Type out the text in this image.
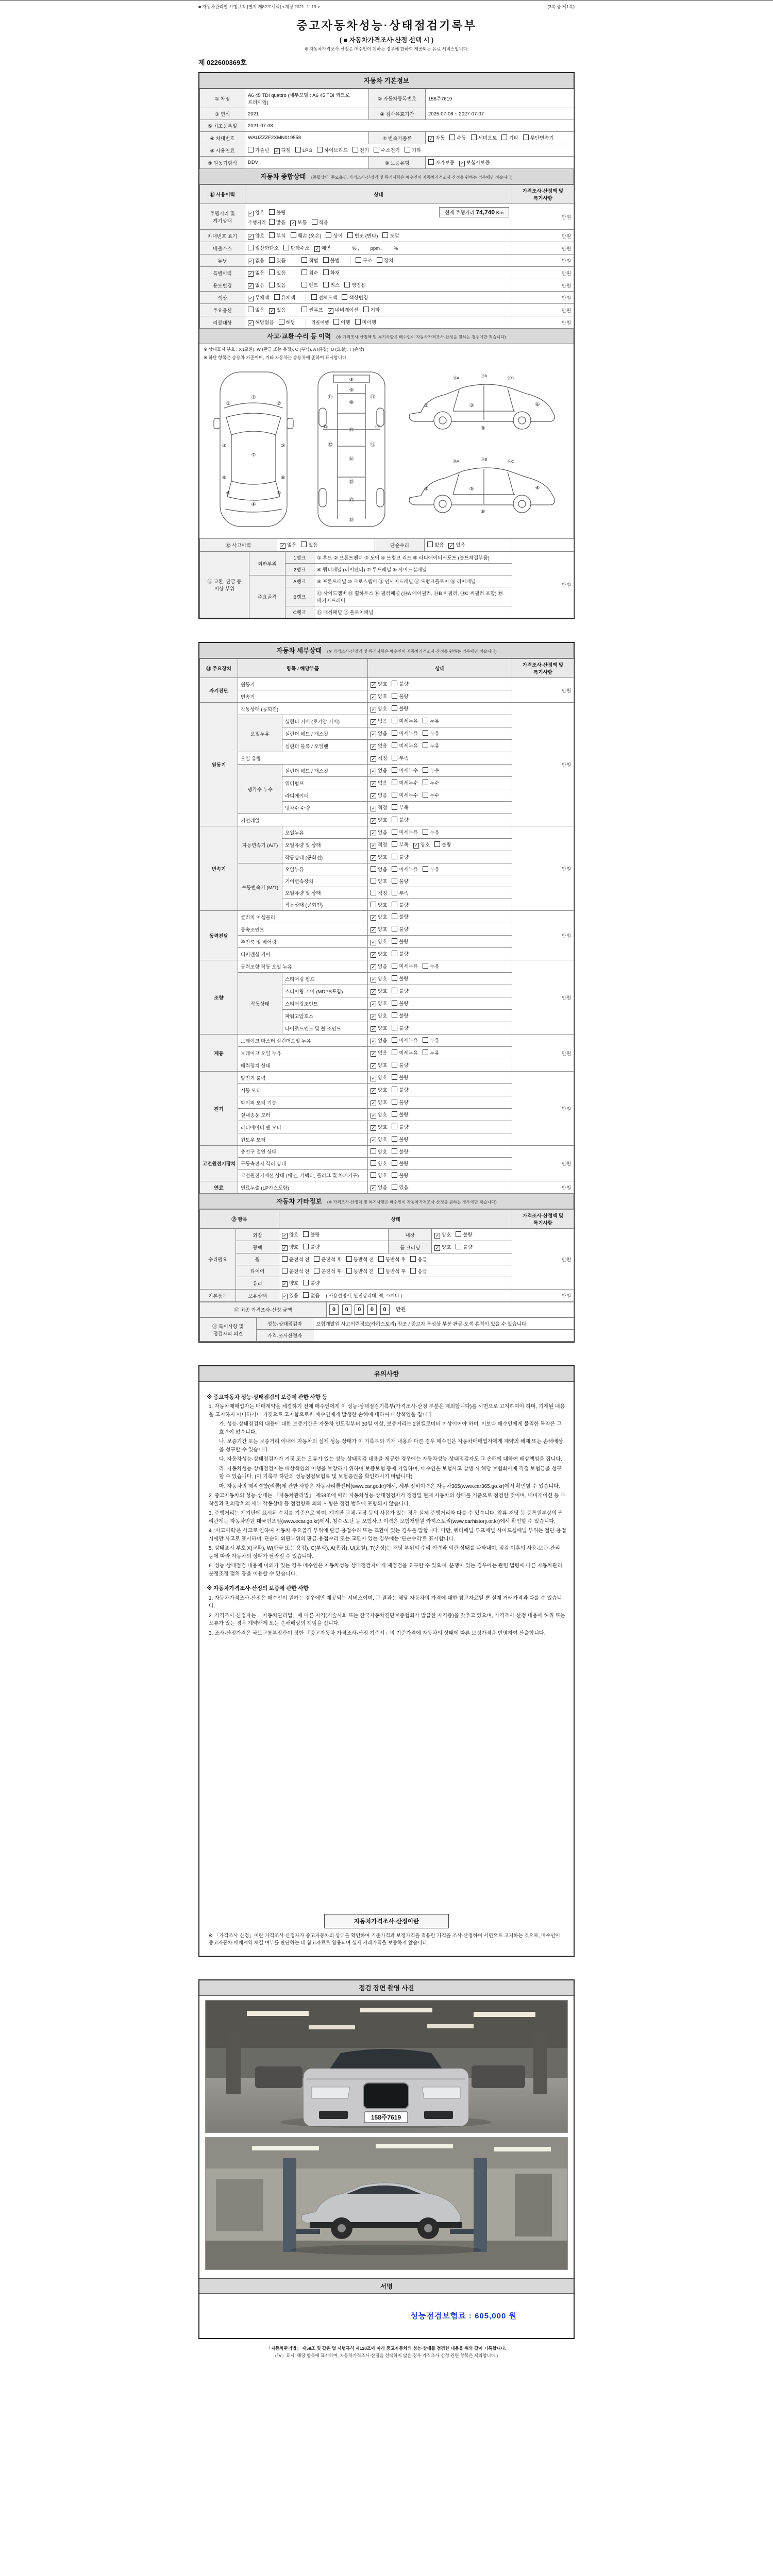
■ 자동차관리법 시행규칙 [별지 제82호서식] <개정 2021. 1. 19.>	(3쪽 중 제1쪽)
중고자동차성능·상태점검기록부
( ■ 자동차가격조사·산정 선택 시 )
※ 자동차가격조사·산정은 매수인이 원하는 경우에 한하여 제공되는 유료 서비스입니다.
제 022600369호
자동차 기본정보
① 차명	A6 45 TDI quattro (세부모델 : A6 45 TDI 콰트로 프리미엄)	② 자동차등록번호	158주7619
③ 연식	2021	④ 검사유효기간	2025-07-08 ~ 2027-07-07
⑤ 최초등록일	2021-07-08		
⑥ 차대번호	WAUZZZF2XMN019558	⑦ 변속기종류	✓ 자동 수동 세미오토 기타 무단변속기
⑧ 사용연료	가솔린 ✓ 디젤 LPG 하이브리드 전기 수소전기 기타		
⑨ 원동기형식	DDV	⑩ 보증유형	자가보증 ✓ 보험사보증
자동차 종합상태 (종합상태, 주요옵션, 가격조사·산정액 및 특기사항은 매수인이 자동차가격조사·산정을 원하는 경우에만 적습니다)
⑪ 사용이력	상태	가격조사·산정액 및 특기사항
주행거리 및 계기상태	✓ 양호 불량 현재 주행거리 74,740 Km
주행거리 많음 ✓ 보통 적음	만원
차대번호 표기	✓ 양호 부식 훼손 (오손) 상이 변조 (변타) 도말	만원
배출가스	일산화탄소 탄화수소 ✓ 매연 　　 % ,　　 ppm ,　　 %	만원
튜닝	✓ 없음 있음 적법 불법 구조 장치	만원
특별이력	✓ 없음 있음 침수 화재	만원
용도변경	✓ 없음 있음 렌트 리스 영업용	만원
색상	✓ 무채색 유채색 전체도색 색상변경	만원
주요옵션	없음 ✓ 있음 썬루프 ✓ 네비게이션 기타	만원
리콜대상	✓ 해당없음 해당 리콜이행 이행 미이행	만원
사고·교환·수리 등 이력 (※ 가격조사·산정액 및 특기사항은 매수인이 자동차가격조사·산정을 원하는 경우에만 적습니다)
※ 상태표시 부호 : X (교환), W (판금 또는 용접), C (부식), A (흠집), U (요철), T (손상)
※ 하단 항목은 승용차 기준이며, 기타 자동차는 승용차에 준하여 표시합니다.
①
②	②
③	③
⑦
⑧	⑧
⑥	⑥
④
⑤
⑨
⑩
⑪	⑪
⑬	⑬
⑮
⑫	⑫
⑯
⑲
⑰
⑱
⑭A	⑭B	⑭C
②	③	⑥
⑧
⑭A	⑭B	⑭C
②	③	⑥
⑧
⑫ 사고이력	✓ 없음 있음	단순수리	없음 ✓ 있음	
⑬ 교환, 판금 등 이상 부위	외판부위	1랭크	① 후드 ② 프론트펜더 ③ 도어 ④ 트렁크 리드 ⑤ 라디에이터서포트 (볼트체결부품)	만원
		2랭크	⑥ 쿼터패널 (리어펜더) ⑦ 루프패널 ⑧ 사이드실패널	
	주요골격	A랭크	⑨ 프론트패널 ⑩ 크로스멤버 ⑪ 인사이드패널 ⑰ 트렁크플로어 ⑱ 리어패널	
		B랭크	⑫ 사이드멤버 ⑬ 휠하우스 ⑭ 필러패널 (⑭A 에이필러, ⑭B 비필러, ⑭C 씨필러 포함) ⑲ 패키지트레이	
		C랭크	⑮ 대쉬패널 ⑯ 플로어패널	
자동차 세부상태 (※ 가격조사·산정액 및 특기사항은 매수인이 자동차가격조사·산정을 원하는 경우에만 적습니다)
⑭ 주요장치	항목 / 해당부품		상태	가격조사·산정액 및 특기사항
자기진단	원동기		✓ 양호 불량	만원
	변속기		✓ 양호 불량	
원동기	작동상태 (공회전)		✓ 양호 불량	만원
	오일누유	실린더 커버 (로커암 커버)	✓ 없음 미세누유 누유	
		실린더 헤드 / 개스킷	✓ 없음 미세누유 누유	
		실린더 블록 / 오일팬	✓ 없음 미세누유 누유	
	오일 유량		✓ 적정 부족	
	냉각수 누수	실린더 헤드 / 개스킷	✓ 없음 미세누수 누수	
		워터펌프	✓ 없음 미세누수 누수	
		라디에이터	✓ 없음 미세누수 누수	
		냉각수 수량	✓ 적정 부족	
	커먼레일		✓ 양호 불량	
변속기	자동변속기 (A/T)	오일누유	✓ 없음 미세누유 누유	만원
		오일유량 및 상태	✓ 적정 부족 ✓ 양호 불량	
		작동상태 (공회전)	✓ 양호 불량	
	수동변속기 (M/T)	오일누유	없음 미세누유 누유	
		기어변속장치	양호 불량	
		오일유량 및 상태	적정 부족	
		작동상태 (공회전)	양호 불량	
동력전달	클러치 어셈블리		✓ 양호 불량	만원
	등속조인트		✓ 양호 불량	
	추진축 및 베어링		✓ 양호 불량	
	디퍼렌셜 기어		✓ 양호 불량	
조향	동력조향 작동 오일 누유		✓ 없음 미세누유 누유	만원
	작동상태	스티어링 펌프	✓ 양호 불량	
		스티어링 기어 (MDPS포함)	✓ 양호 불량	
		스티어링조인트	✓ 양호 불량	
		파워고압호스	✓ 양호 불량	
		타이로드엔드 및 볼 조인트	✓ 양호 불량	
제동	브레이크 마스터 실린더오일 누유		✓ 없음 미세누유 누유	만원
	브레이크 오일 누유		✓ 없음 미세누유 누유	
	배력장치 상태		✓ 양호 불량	
전기	발전기 출력		✓ 양호 불량	만원
	시동 모터		✓ 양호 불량	
	와이퍼 모터 기능		✓ 양호 불량	
	실내송풍 모터		✓ 양호 불량	
	라디에이터 팬 모터		✓ 양호 불량	
	윈도우 모터		✓ 양호 불량	
고전원전기장치	충전구 절연 상태		양호 불량	만원
	구동축전지 격리 상태		양호 불량	
	고전원전기배선 상태 (배선, 커넥터, 플러그 및 차폐기구)		양호 불량	
연료	연료누출 (LP가스포함)		✓ 없음 있음	만원
자동차 기타정보 (※ 가격조사·산정액 및 특기사항은 매수인이 자동차가격조사·산정을 원하는 경우에만 적습니다)
⑮ 항목		상태			가격조사·산정액 및 특기사항
수리필요	외장	✓ 양호 불량	내장	✓ 양호 불량	만원
	광택	✓ 양호 불량	룸 크리닝	✓ 양호 불량	
	휠	운전석 전 운전석 후 동반석 전 동반석 후 응급			
	타이어	운전석 전 운전석 후 동반석 전 동반석 후 응급			
	유리	✓ 양호 불량			
기본품목	보유상태	✓ 있음 없음 ( 사용설명서, 안전삼각대, 잭, 스패너 )			만원
⑯ 최종 가격조사·산정 금액	0 0 0 0 0 만원
⑰ 특이사항 및 점검자의 의견	성능·상태점검자	보험개발원 사고이력정보(카히스토리) 참조 / 중고차 특성상 부분 판금·도색 흔적이 있을 수 있습니다.
	가격·조사산정자	
유의사항
※ 중고자동차 성능·상태점검의 보증에 관한 사항 등
1. 자동차매매업자는 매매계약을 체결하기 전에 매수인에게 이 성능·상태점검기록부(가격조사·산정 부분은 제외합니다)를 서면으로 고지하여야 하며, 기재된 내용을 고지하지 아니하거나 거짓으로 고지함으로써 매수인에게 발생한 손해에 대하여 배상책임을 집니다.
가. 성능·상태점검의 내용에 대한 보증기간은 자동차 인도일부터 30일 이상, 보증거리는 2천킬로미터 이상이어야 하며, 이보다 매수인에게 불리한 특약은 그 효력이 없습니다.
나. 보증기간 또는 보증거리 이내에 자동차의 실제 성능·상태가 이 기록부의 기재 내용과 다른 경우 매수인은 자동차매매업자에게 계약의 해제 또는 손해배상을 청구할 수 있습니다.
다. 자동차성능·상태점검자가 거짓 또는 오류가 있는 성능·상태점검 내용을 제공한 경우에는 자동차성능·상태점검자도 그 손해에 대하여 배상책임을 집니다.
라. 자동차성능·상태점검자는 배상책임의 이행을 보장하기 위하여 보증보험 등에 가입하며, 매수인은 보험사고 발생 시 해당 보험회사에 직접 보험금을 청구할 수 있습니다. (이 기록부 하단의 성능점검보험료 및 보험증권을 확인하시기 바랍니다)
마. 자동차의 제작결함(리콜)에 관한 사항은 자동차리콜센터(www.car.go.kr)에서, 세부 정비이력은 자동차365(www.car365.go.kr)에서 확인할 수 있습니다.
2. 중고자동차의 성능·상태는 「자동차관리법」 제58조에 따라 자동차성능·상태점검자가 점검일 현재 자동차의 상태를 기준으로 점검한 것이며, 내비게이션 등 부착물과 편의장치의 세부 작동상태 등 점검항목 외의 사항은 점검 범위에 포함되지 않습니다.
3. 주행거리는 계기판에 표시된 수치를 기준으로 하며, 계기판 교체·고장 등의 사유가 있는 경우 실제 주행거리와 다를 수 있습니다. 압류·저당 등 등록원부상의 권리관계는 자동차민원 대국민포털(www.ecar.go.kr)에서, 침수·도난 등 보험사고 이력은 보험개발원 카히스토리(www.carhistory.or.kr)에서 확인할 수 있습니다.
4. '사고이력'은 사고로 인하여 자동차 주요골격 부위에 판금·용접수리 또는 교환이 있는 경우를 말합니다. 다만, 쿼터패널·루프패널·사이드실패널 부위는 절단·용접 시에만 사고로 표시하며, 단순히 외판부위의 판금·용접수리 또는 교환이 있는 경우에는 '단순수리'로 표시합니다.
5. 상태표시 부호 X(교환), W(판금 또는 용접), C(부식), A(흠집), U(요철), T(손상)는 해당 부위의 수리 이력과 외관 상태를 나타내며, 점검 이후의 사용·보관·관리 등에 따라 자동차의 상태가 달라질 수 있습니다.
6. 성능·상태점검 내용에 이의가 있는 경우 매수인은 자동차성능·상태점검자에게 재점검을 요구할 수 있으며, 분쟁이 있는 경우에는 관련 법령에 따른 자동차관리 분쟁조정 절차 등을 이용할 수 있습니다.
※ 자동차가격조사·산정의 보증에 관한 사항
1. 자동차가격조사·산정은 매수인이 원하는 경우에만 제공되는 서비스이며, 그 결과는 해당 자동차의 가격에 대한 참고자료일 뿐 실제 거래가격과 다를 수 있습니다.
2. 가격조사·산정자는 「자동차관리법」에 따른 자격(기술사회 또는 한국자동차진단보증협회가 발급한 자격증)을 갖추고 있으며, 가격조사·산정 내용에 허위 또는 오류가 있는 경우 계약해제 또는 손해배상의 책임을 집니다.
3. 조사·산정가격은 국토교통부장관이 정한 「중고자동차 가격조사·산정 기준서」의 기준가격에 자동차의 상태에 따른 보정가격을 반영하여 산출합니다.
자동차가격조사·산정이란
※ 「가격조사·산정」이란 가격조사·산정자가 중고자동차의 상태를 확인하여 기준가격과 보정가격을 적용한 가격을 조사·산정하여 서면으로 고지하는 것으로, 매수인이 중고자동차 매매계약 체결 여부를 판단하는 데 참고자료로 활용되며 실제 거래가격을 보증하지 않습니다.
점검 장면 촬영 사진
158주7619
서명
성능점검보험료 : 605,000 원
「자동차관리법」 제58조 및 같은 법 시행규칙 제120조에 따라 중고자동차의 성능·상태를 점검한 내용을 위와 같이 기록합니다.
(「V」표시: 해당 항목에 표시하며, 자동차가격조사·산정을 선택하지 않은 경우 가격조사·산정 관련 항목은 제외합니다.)
